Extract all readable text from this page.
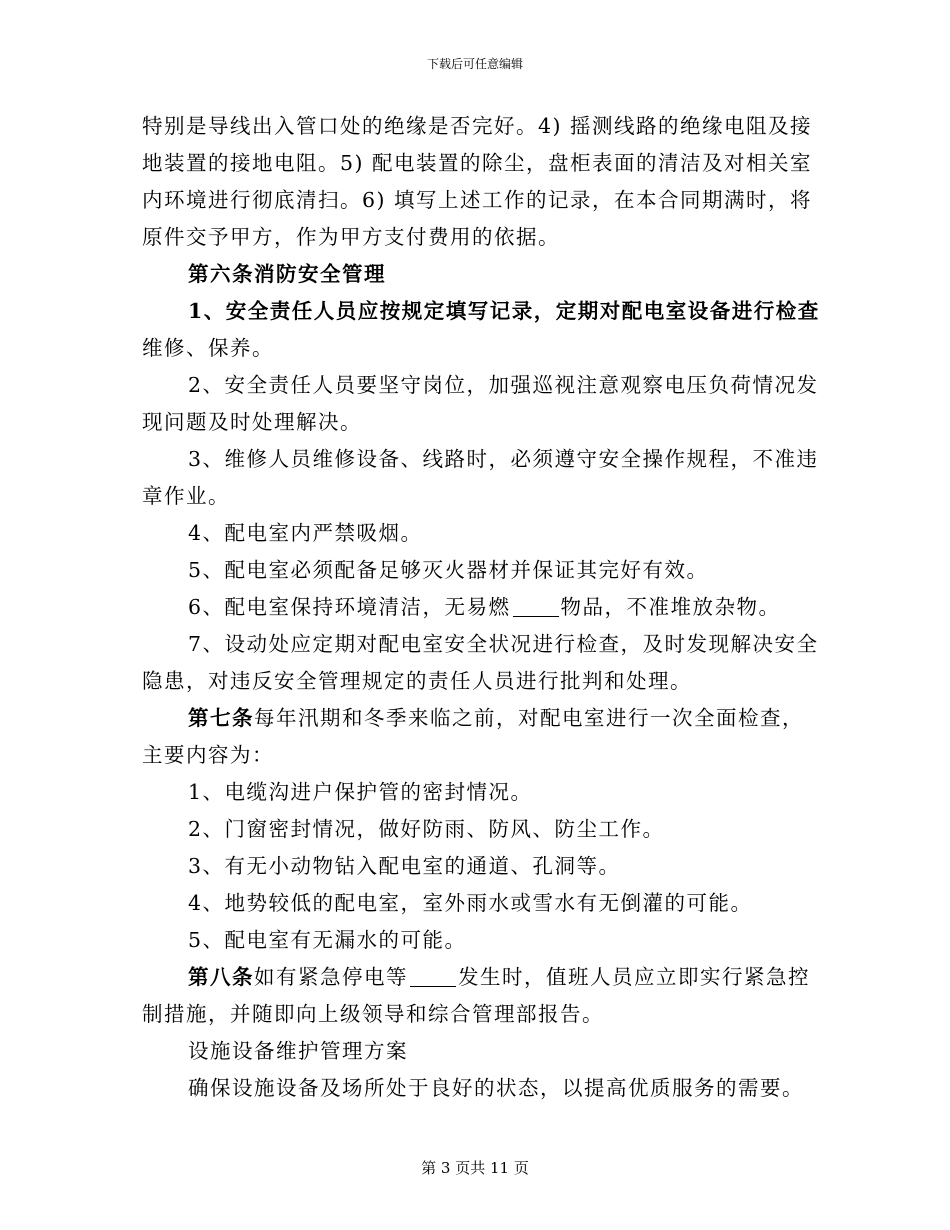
下载后可任意编辑

特别是导线出入管口处的绝缘是否完好。4) 摇测线路的绝缘电阻及接

地装置的接地电阻。5) 配电装置的除尘，盘柜表面的清洁及对相关室

内环境进行彻底清扫。6) 填写上述工作的记录，在本合同期满时，将

原件交予甲方，作为甲方支付费用的依据。

第六条消防安全管理

1、安全责任人员应按规定填写记录，定期对配电室设备进行检查

维修、保养。

2、安全责任人员要坚守岗位，加强巡视注意观察电压负荷情况发

现问题及时处理解决。

3、维修人员维修设备、线路时，必须遵守安全操作规程，不准违

章作业。

4、配电室内严禁吸烟。

5、配电室必须配备足够灭火器材并保证其完好有效。

6、配电室保持环境清洁，无易燃 物品，不准堆放杂物。

7、设动处应定期对配电室安全状况进行检查，及时发现解决安全

隐患，对违反安全管理规定的责任人员进行批判和处理。

第七条每年汛期和冬季来临之前，对配电室进行一次全面检查，

主要内容为：

1、电缆沟进户保护管的密封情况。

2、门窗密封情况，做好防雨、防风、防尘工作。

3、有无小动物钻入配电室的通道、孔洞等。

4、地势较低的配电室，室外雨水或雪水有无倒灌的可能。

5、配电室有无漏水的可能。

第八条如有紧急停电等 发生时，值班人员应立即实行紧急控

制措施，并随即向上级领导和综合管理部报告。

设施设备维护管理方案

确保设施设备及场所处于良好的状态，以提高优质服务的需要。

第 3 页共 11 页
